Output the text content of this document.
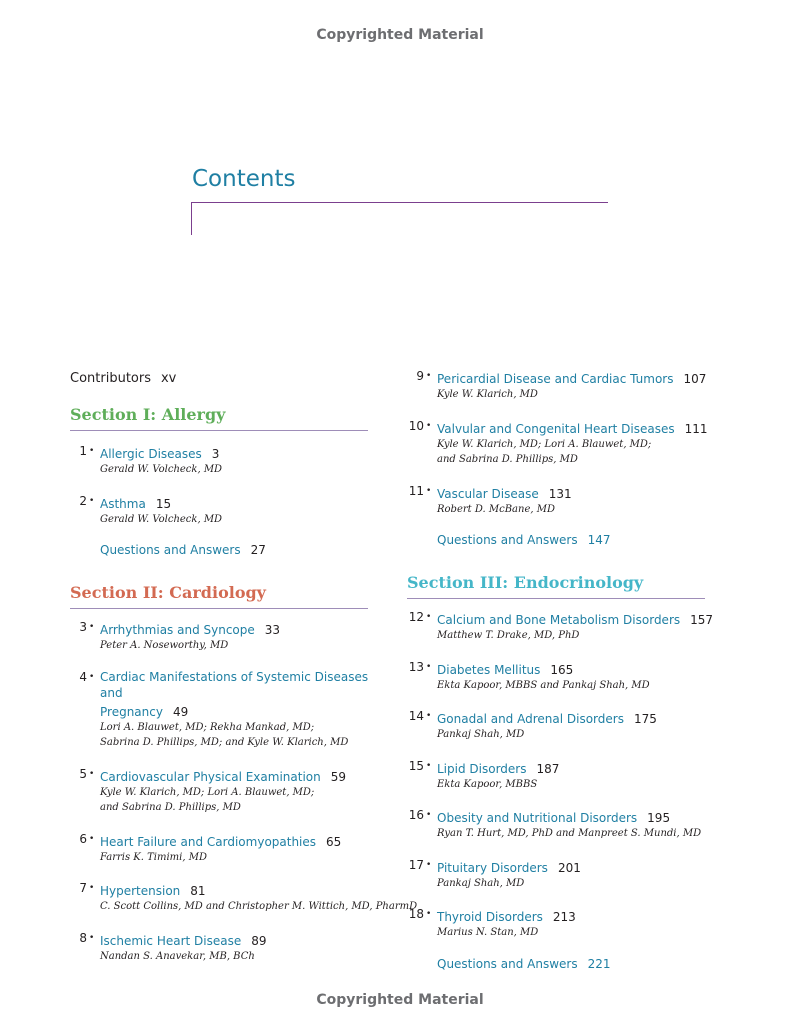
Copyrighted Material
Contents
Contributors xv
Section I: Allergy
1 • Allergic Diseases 3
Gerald W. Volcheck, MD
2 • Asthma 15
Gerald W. Volcheck, MD
Questions and Answers 27
Section II: Cardiology
3 • Arrhythmias and Syncope 33
Peter A. Noseworthy, MD
4 • Cardiac Manifestations of Systemic Diseases and
Pregnancy 49
Lori A. Blauwet, MD; Rekha Mankad, MD;
Sabrina D. Phillips, MD; and Kyle W. Klarich, MD
5 • Cardiovascular Physical Examination 59
Kyle W. Klarich, MD; Lori A. Blauwet, MD;
and Sabrina D. Phillips, MD
6 • Heart Failure and Cardiomyopathies 65
Farris K. Timimi, MD
7 • Hypertension 81
C. Scott Collins, MD and Christopher M. Wittich, MD, PharmD
8 • Ischemic Heart Disease 89
Nandan S. Anavekar, MB, BCh
9 • Pericardial Disease and Cardiac Tumors 107
Kyle W. Klarich, MD
10 • Valvular and Congenital Heart Diseases 111
Kyle W. Klarich, MD; Lori A. Blauwet, MD;
and Sabrina D. Phillips, MD
11 • Vascular Disease 131
Robert D. McBane, MD
Questions and Answers 147
Section III: Endocrinology
12 • Calcium and Bone Metabolism Disorders 157
Matthew T. Drake, MD, PhD
13 • Diabetes Mellitus 165
Ekta Kapoor, MBBS and Pankaj Shah, MD
14 • Gonadal and Adrenal Disorders 175
Pankaj Shah, MD
15 • Lipid Disorders 187
Ekta Kapoor, MBBS
16 • Obesity and Nutritional Disorders 195
Ryan T. Hurt, MD, PhD and Manpreet S. Mundi, MD
17 • Pituitary Disorders 201
Pankaj Shah, MD
18 • Thyroid Disorders 213
Marius N. Stan, MD
Questions and Answers 221
Copyrighted Material
